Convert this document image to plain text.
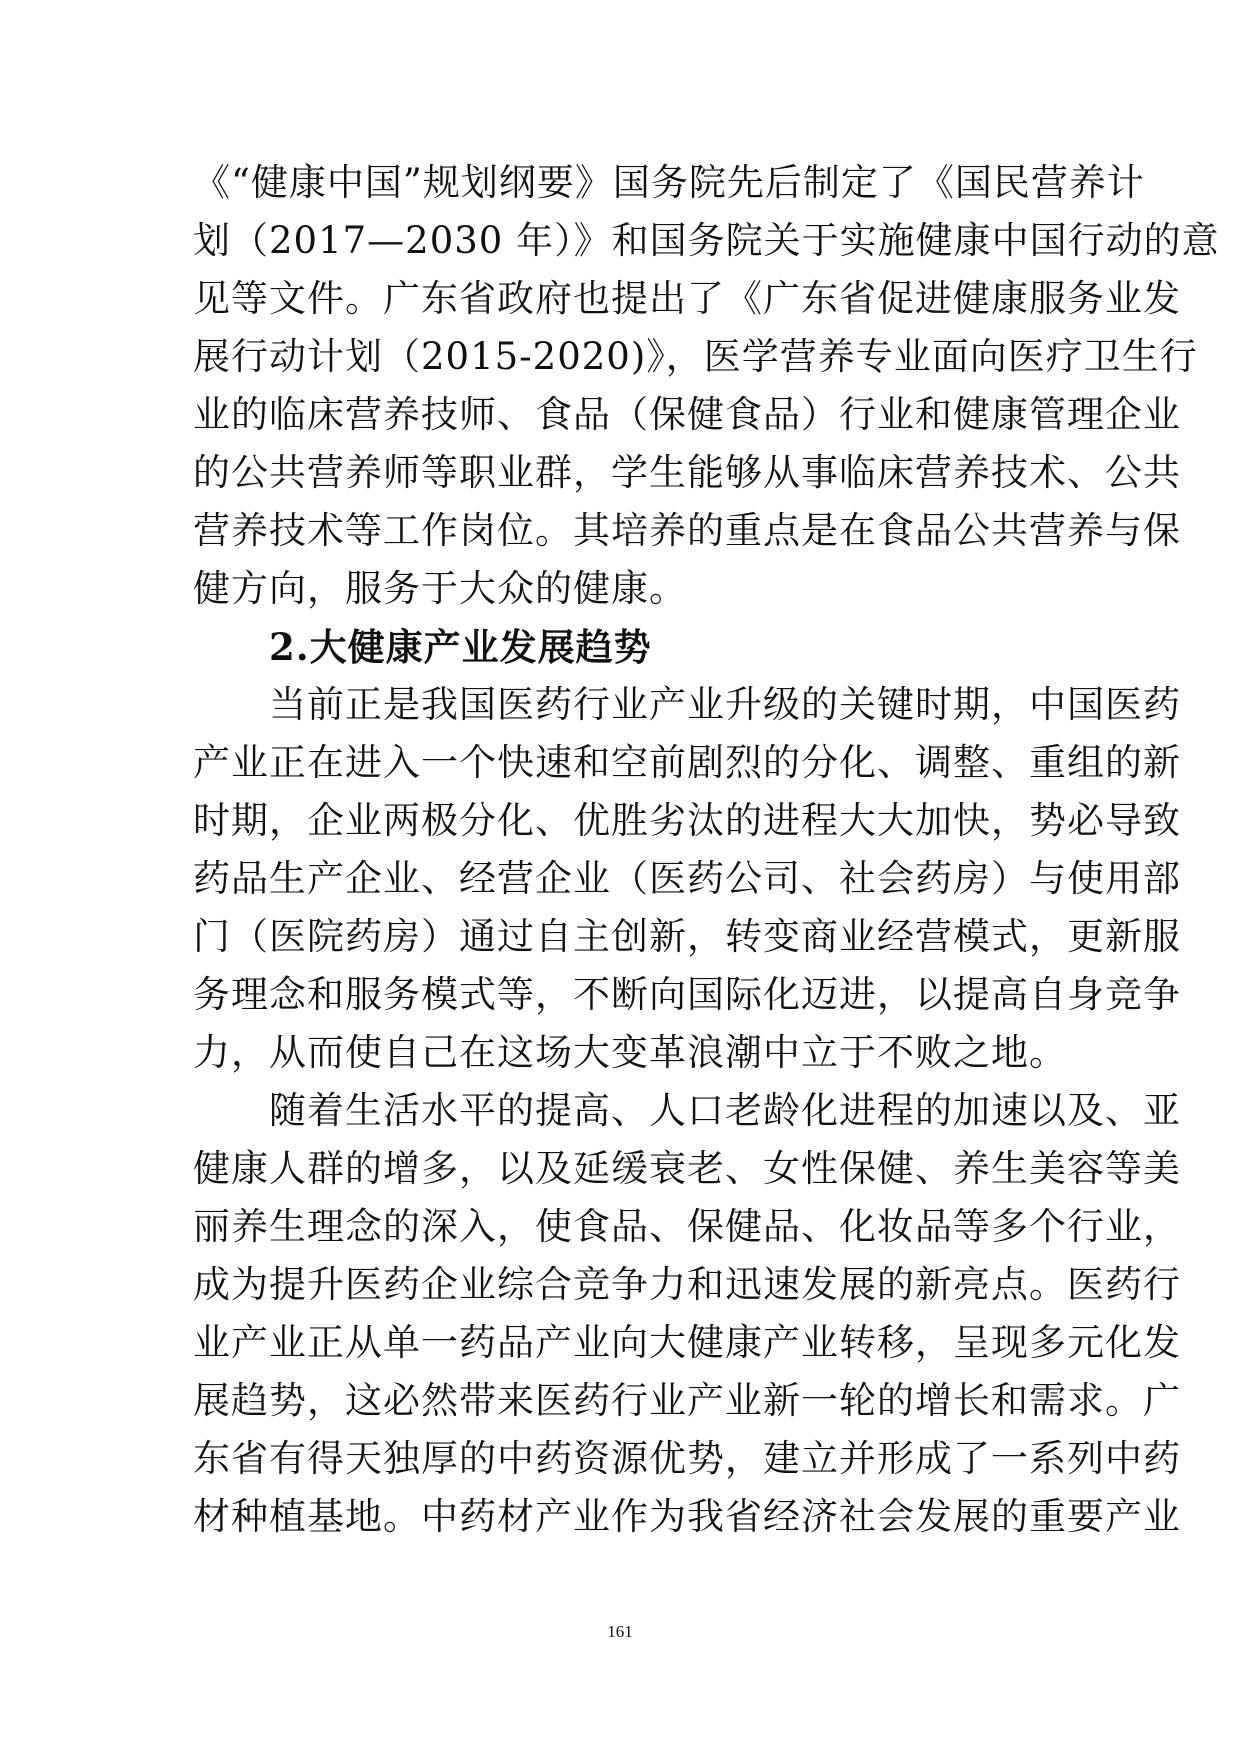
《“健康中国”规划纲要》国务院先后制定了《国民营养计
划（2017—2030 年）》和国务院关于实施健康中国行动的意
见等文件。广东省政府也提出了《广东省促进健康服务业发
展行动计划（2015-2020)》，医学营养专业面向医疗卫生行
业的临床营养技师、食品（保健食品）行业和健康管理企业
的公共营养师等职业群，学生能够从事临床营养技术、公共
营养技术等工作岗位。其培养的重点是在食品公共营养与保
健方向，服务于大众的健康。
　　2.大健康产业发展趋势
　　当前正是我国医药行业产业升级的关键时期，中国医药
产业正在进入一个快速和空前剧烈的分化、调整、重组的新
时期，企业两极分化、优胜劣汰的进程大大加快，势必导致
药品生产企业、经营企业（医药公司、社会药房）与使用部
门（医院药房）通过自主创新，转变商业经营模式，更新服
务理念和服务模式等，不断向国际化迈进，以提高自身竞争
力，从而使自己在这场大变革浪潮中立于不败之地。
　　随着生活水平的提高、人口老龄化进程的加速以及、亚
健康人群的增多，以及延缓衰老、女性保健、养生美容等美
丽养生理念的深入，使食品、保健品、化妆品等多个行业，
成为提升医药企业综合竞争力和迅速发展的新亮点。医药行
业产业正从单一药品产业向大健康产业转移，呈现多元化发
展趋势，这必然带来医药行业产业新一轮的增长和需求。广
东省有得天独厚的中药资源优势，建立并形成了一系列中药
材种植基地。中药材产业作为我省经济社会发展的重要产业
161
